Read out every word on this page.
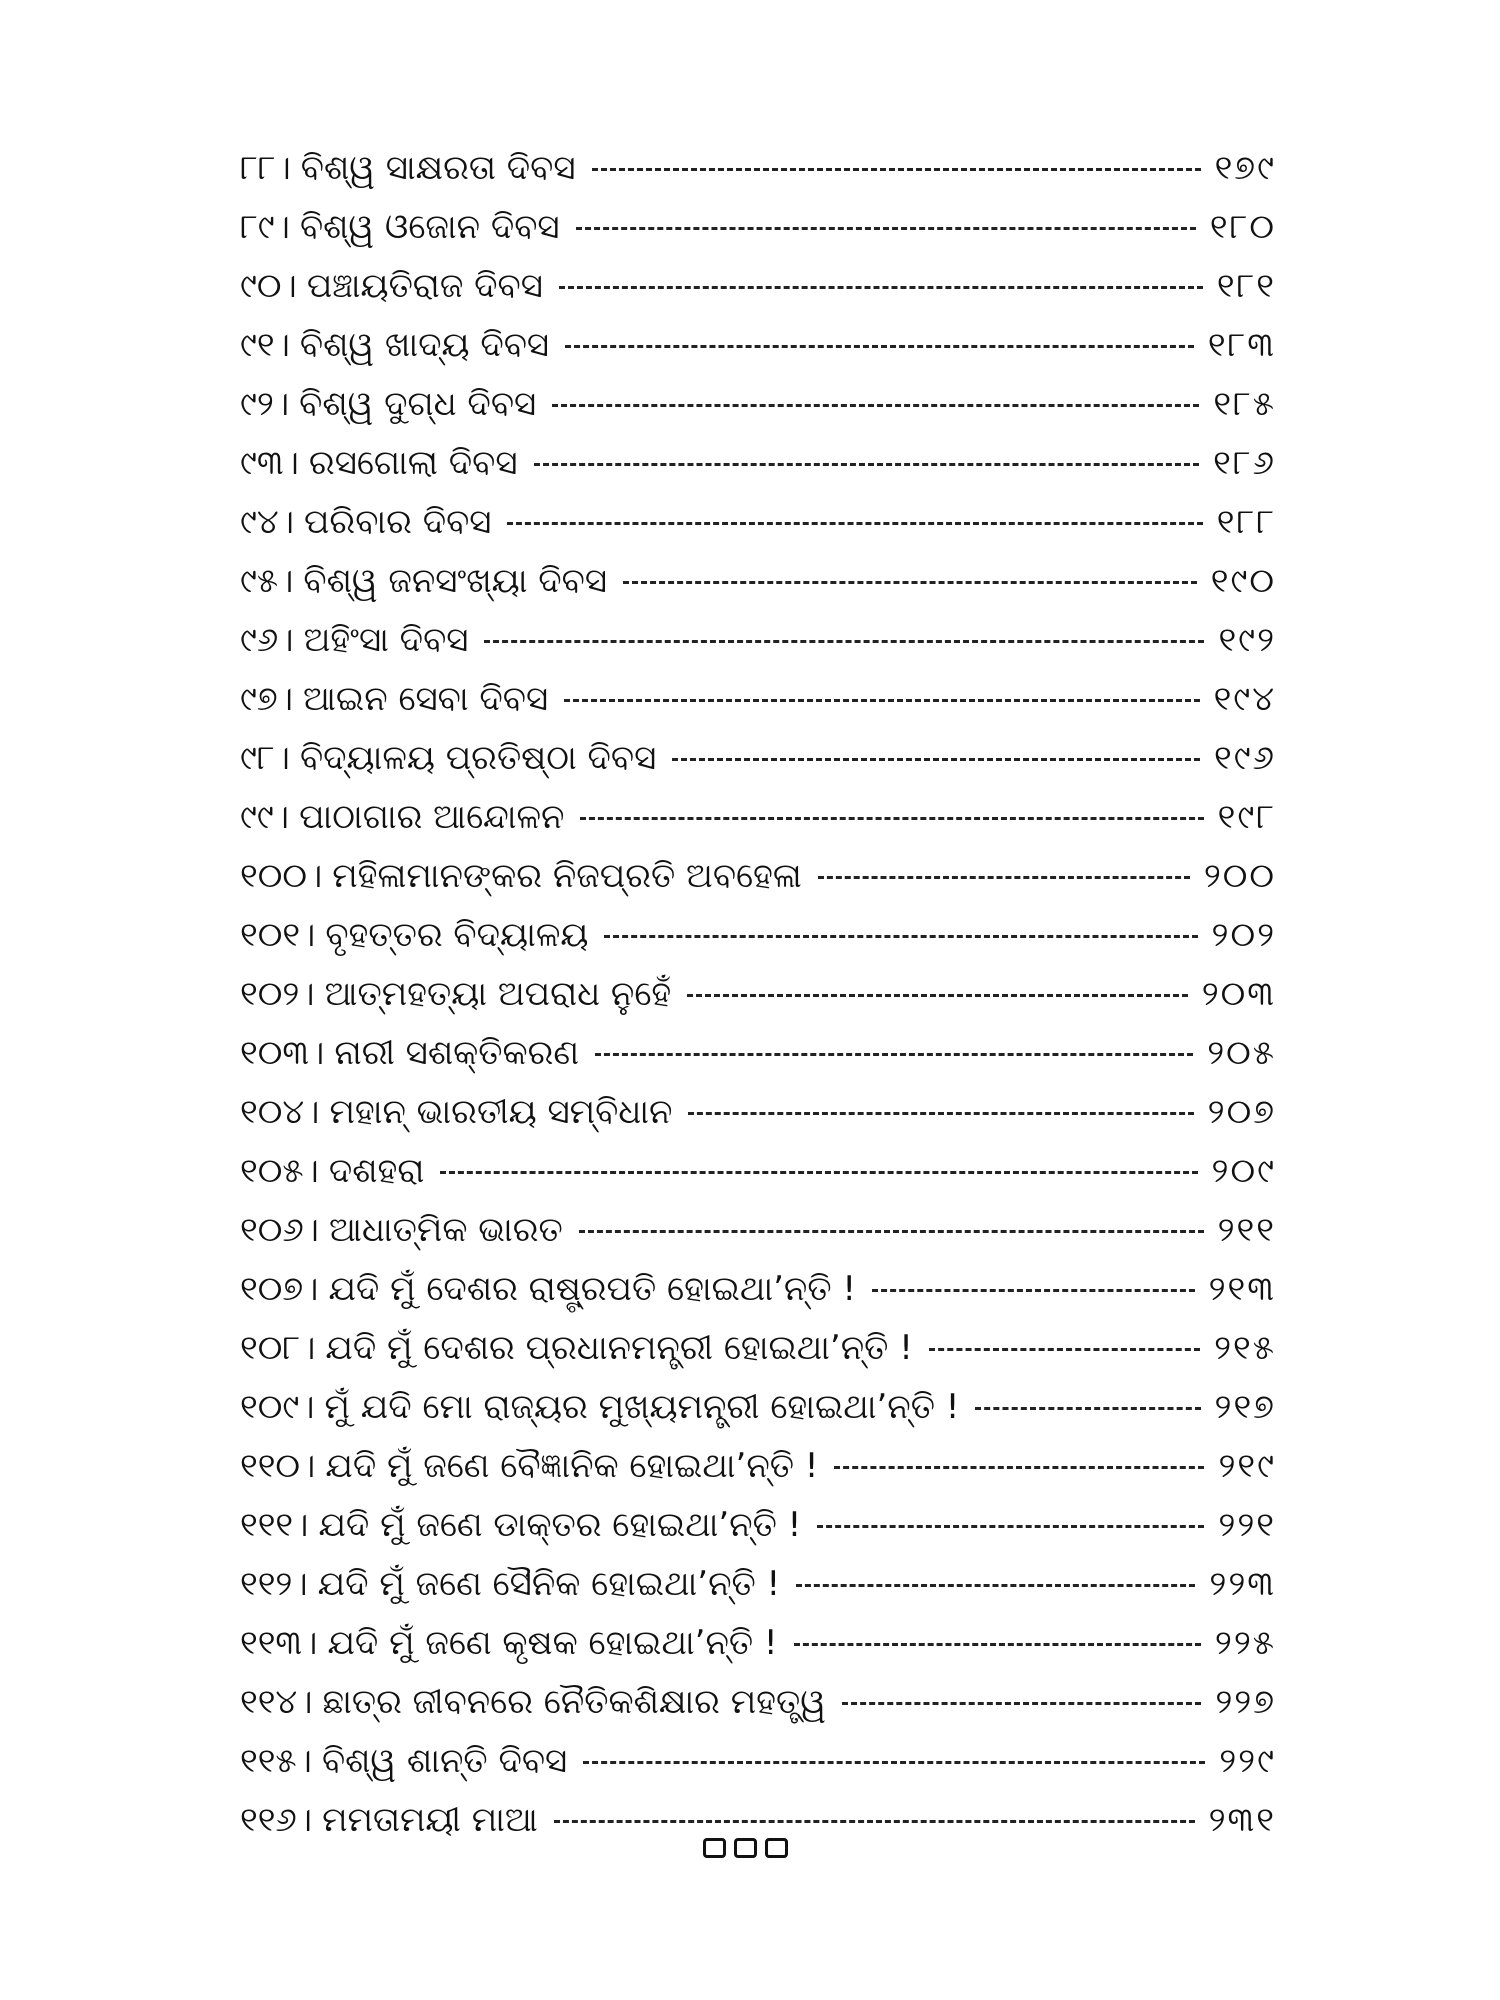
୮୮। ବିଶ୍ୱ ସାକ୍ଷରତା ଦିବସ	୧୭୯
୮୯। ବିଶ୍ୱ ଓଜୋନ ଦିବସ	୧୮୦
୯୦। ପଞ୍ଚାୟତିରାଜ ଦିବସ	୧୮୧
୯୧। ବିଶ୍ୱ ଖାଦ୍ୟ ଦିବସ	୧୮୩
୯୨। ବିଶ୍ୱ ଦୁଗ୍ଧ ଦିବସ	୧୮୫
୯୩। ରସଗୋଲା ଦିବସ	୧୮୬
୯୪। ପରିବାର ଦିବସ	୧୮୮
୯୫। ବିଶ୍ୱ ଜନସଂଖ୍ୟା ଦିବସ	୧୯୦
୯୬। ଅହିଂସା ଦିବସ	୧୯୨
୯୭। ଆଇନ ସେବା ଦିବସ	୧୯୪
୯୮। ବିଦ୍ୟାଳୟ ପ୍ରତିଷ୍ଠା ଦିବସ	୧୯୬
୯୯। ପାଠାଗାର ଆନ୍ଦୋଳନ	୧୯୮
୧୦୦। ମହିଳାମାନଙ୍କର ନିଜପ୍ରତି ଅବହେଳା	୨୦୦
୧୦୧। ବୃହତ୍ତର ବିଦ୍ୟାଳୟ	୨୦୨
୧୦୨। ଆତ୍ମହତ୍ୟା ଅପରାଧ ନୁହେଁ	୨୦୩
୧୦୩। ନାରୀ ସଶକ୍ତିକରଣ	୨୦୫
୧୦୪। ମହାନ୍ ଭାରତୀୟ ସମ୍ବିଧାନ	୨୦୭
୧୦୫। ଦଶହରା	୨୦୯
୧୦୬। ଆଧାତ୍ମିକ ଭାରତ	୨୧୧
୧୦୭। ଯଦି ମୁଁ ଦେଶର ରାଷ୍ଟ୍ରପତି ହୋଇଥା’ନ୍ତି !	୨୧୩
୧୦୮। ଯଦି ମୁଁ ଦେଶର ପ୍ରଧାନମନ୍ତ୍ରୀ ହୋଇଥା’ନ୍ତି !	୨୧୫
୧୦୯। ମୁଁ ଯଦି ମୋ ରାଜ୍ୟର ମୁଖ୍ୟମନ୍ତ୍ରୀ ହୋଇଥା’ନ୍ତି !	୨୧୭
୧୧୦। ଯଦି ମୁଁ ଜଣେ ବୈଜ୍ଞାନିକ ହୋଇଥା’ନ୍ତି !	୨୧୯
୧୧୧। ଯଦି ମୁଁ ଜଣେ ଡାକ୍ତର ହୋଇଥା’ନ୍ତି !	୨୨୧
୧୧୨। ଯଦି ମୁଁ ଜଣେ ସୈନିକ ହୋଇଥା’ନ୍ତି !	୨୨୩
୧୧୩। ଯଦି ମୁଁ ଜଣେ କୃଷକ ହୋଇଥା’ନ୍ତି !	୨୨୫
୧୧୪। ଛାତ୍ର ଜୀବନରେ ନୈତିକଶିକ୍ଷାର ମହତ୍ତ୍ୱ	୨୨୭
୧୧୫। ବିଶ୍ୱ ଶାନ୍ତି ଦିବସ	୨୨୯
୧୧୬। ମମତାମୟୀ ମାଆ	୨୩୧
